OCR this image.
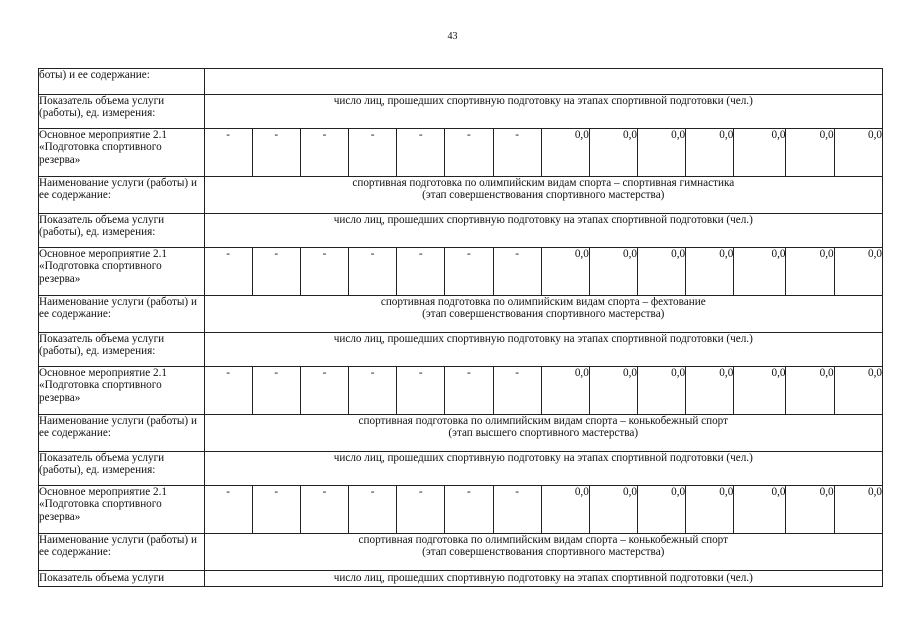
43
боты) и ее содержание:														
Показатель объема услуги (работы), ед. измерения:	число лиц, прошедших спортивную подготовку на этапах спортивной подготовки (чел.)													
Основное мероприятие 2.1 «Подготовка спортивного резерва»	-	-	-	-	-	-	-	0,0	0,0	0,0	0,0	0,0	0,0	0,0
Наименование услуги (работы) и ее содержание:	спортивная подготовка по олимпийским видам спорта – спортивная гимнастика
(этап совершенствования спортивного мастерства)													

Показатель объема услуги (работы), ед. измерения:	число лиц, прошедших спортивную подготовку на этапах спортивной подготовки (чел.)													
Основное мероприятие 2.1 «Подготовка спортивного резерва»	-	-	-	-	-	-	-	0,0	0,0	0,0	0,0	0,0	0,0	0,0
Наименование услуги (работы) и ее содержание:	спортивная подготовка по олимпийским видам спорта – фехтование
(этап совершенствования спортивного мастерства)													

Показатель объема услуги (работы), ед. измерения:	число лиц, прошедших спортивную подготовку на этапах спортивной подготовки (чел.)													
Основное мероприятие 2.1 «Подготовка спортивного резерва»	-	-	-	-	-	-	-	0,0	0,0	0,0	0,0	0,0	0,0	0,0
Наименование услуги (работы) и ее содержание:	спортивная подготовка по олимпийским видам спорта – конькобежный спорт
(этап высшего спортивного мастерства)													

Показатель объема услуги (работы), ед. измерения:	число лиц, прошедших спортивную подготовку на этапах спортивной подготовки (чел.)													
Основное мероприятие 2.1 «Подготовка спортивного резерва»	-	-	-	-	-	-	-	0,0	0,0	0,0	0,0	0,0	0,0	0,0
Наименование услуги (работы) и ее содержание:	спортивная подготовка по олимпийским видам спорта – конькобежный спорт
(этап совершенствования спортивного мастерства)													

Показатель объема услуги	число лиц, прошедших спортивную подготовку на этапах спортивной подготовки (чел.)													
